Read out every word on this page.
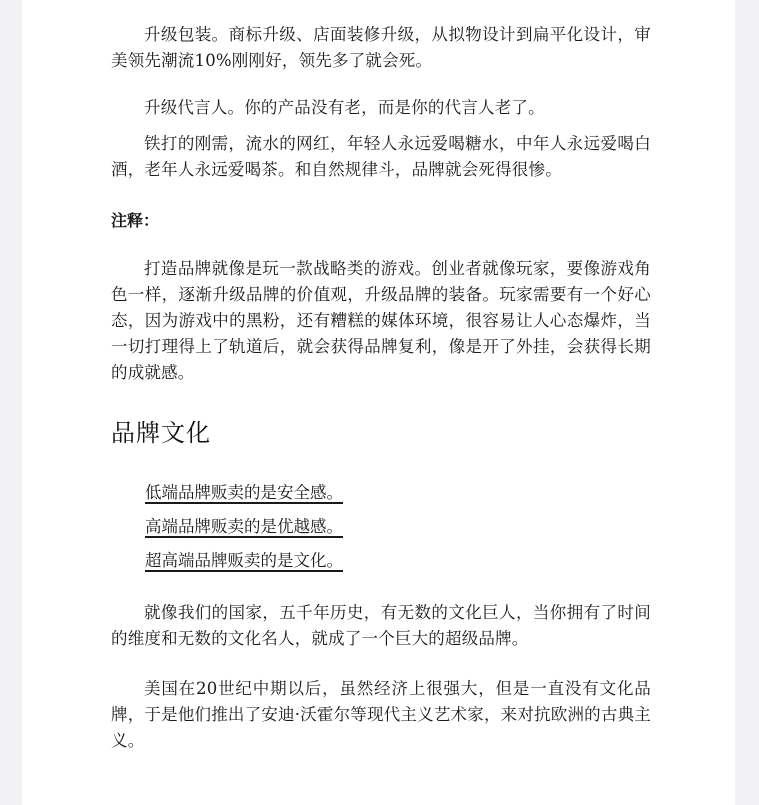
升级包装。商标升级、店面装修升级，从拟物设计到扁平化设计，审美领先潮流10%刚刚好，领先多了就会死。

升级代言人。你的产品没有老，而是你的代言人老了。

铁打的刚需，流水的网红，年轻人永远爱喝糖水，中年人永远爱喝白酒，老年人永远爱喝茶。和自然规律斗，品牌就会死得很惨。

注释：

打造品牌就像是玩一款战略类的游戏。创业者就像玩家，要像游戏角色一样，逐渐升级品牌的价值观，升级品牌的装备。玩家需要有一个好心态，因为游戏中的黑粉，还有糟糕的媒体环境，很容易让人心态爆炸，当一切打理得上了轨道后，就会获得品牌复利，像是开了外挂，会获得长期的成就感。

品牌文化
低端品牌贩卖的是安全感。
高端品牌贩卖的是优越感。
超高端品牌贩卖的是文化。

就像我们的国家，五千年历史，有无数的文化巨人，当你拥有了时间的维度和无数的文化名人，就成了一个巨大的超级品牌。

美国在20世纪中期以后，虽然经济上很强大，但是一直没有文化品牌，于是他们推出了安迪·沃霍尔等现代主义艺术家，来对抗欧洲的古典主义。
